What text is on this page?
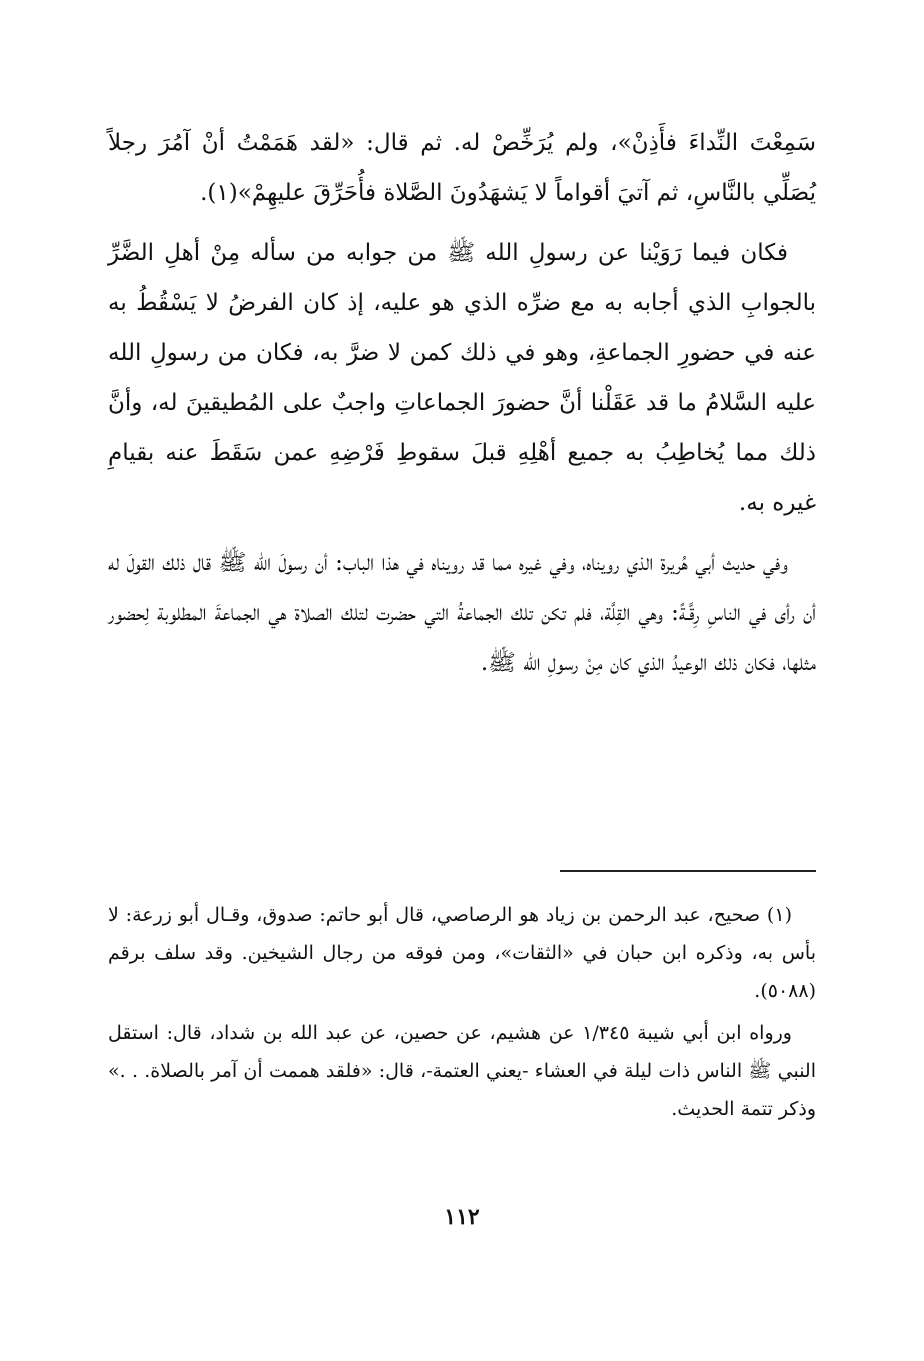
سَمِعْتَ النِّداءَ فأَذِنْ»، ولم يُرَخِّصْ له. ثم قال: «لقد هَمَمْتُ أنْ آمُرَ رجلاً يُصَلِّي بالنَّاسِ، ثم آتيَ أقواماً لا يَشهَدُونَ الصَّلاة فأُحَرِّقَ عليهِمْ»(١).

فكان فيما رَوَيْنا عن رسولِ الله ﷺ من جوابه من سأله مِنْ أهلِ الضَّرِّ بالجوابِ الذي أجابه به مع ضرِّه الذي هو عليه، إذ كان الفرضُ لا يَسْقُطُ به عنه في حضورِ الجماعةِ، وهو في ذلك كمن لا ضرَّ به، فكان من رسولِ الله عليه السَّلامُ ما قد عَقَلْنا أنَّ حضورَ الجماعاتِ واجبٌ على المُطيقينَ له، وأنَّ ذلك مما يُخاطِبُ به جميع أهْلِهِ قبلَ سقوطِ فَرْضِهِ عمن سَقَطَ عنه بقيامِ غيره به.

وفي حديث أبي هُريرة الذي رويناه، وفي غيره مما قد رويناه في هذا الباب: أن رسولَ الله ﷺ قال ذلك القولَ له أن رأى في الناسِ رِقَّـةً: وهي القِلَّة، فلم تكن تلك الجماعةُ التي حضرت لتلك الصلاة هي الجماعةَ المطلوبة لِحضور مثلها، فكان ذلك الوعيدُ الذي كان مِنْ رسولِ الله ﷺ.

(١) صحيح، عبد الرحمن بن زياد هو الرصاصي، قال أبو حاتم: صدوق، وقـال أبو زرعة: لا بأس به، وذكره ابن حبان في «الثقات»، ومن فوقه من رجال الشيخين. وقد سلف برقم (٥٠٨٨).

ورواه ابن أبي شيبة ١/٣٤٥ عن هشيم، عن حصين، عن عبد الله بن شداد، قال: استقل النبي ﷺ الناس ذات ليلة في العشاء -يعني العتمة-، قال: «فلقد هممت أن آمر بالصلاة. . .» وذكر تتمة الحديث.

١١٢
